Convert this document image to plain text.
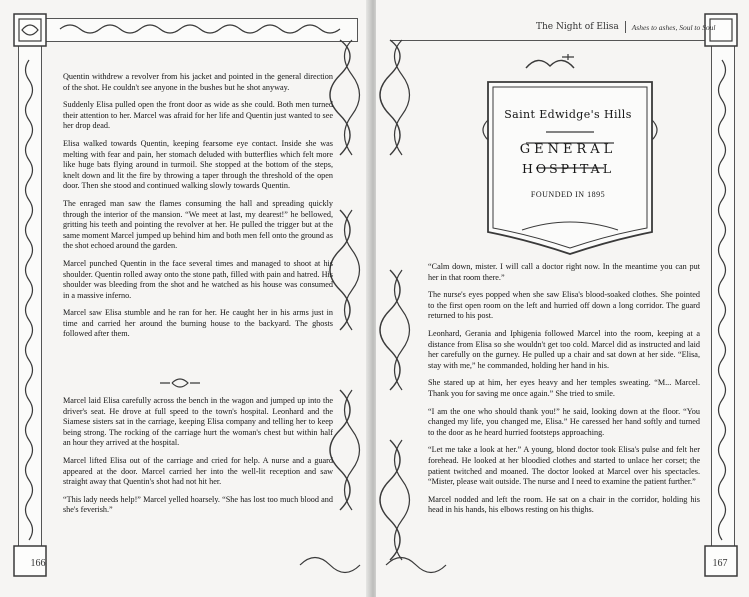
Quentin withdrew a revolver from his jacket and pointed in the general direction of the shot. He couldn't see anyone in the bushes but he shot anyway.

Suddenly Elisa pulled open the front door as wide as she could. Both men turned their attention to her. Marcel was afraid for her life and Quentin just wanted to see her drop dead.

Elisa walked towards Quentin, keeping fearsome eye contact. Inside she was melting with fear and pain, her stomach deluded with butterflies which felt more like huge bats flying around in turmoil. She stopped at the bottom of the steps, knelt down and lit the fire by throwing a taper through the threshold of the open door. Then she stood and continued walking slowly towards Quentin.

The enraged man saw the flames consuming the hall and spreading quickly through the interior of the mansion. “We meet at last, my dearest!” he bellowed, gritting his teeth and pointing the revolver at her. He pulled the trigger but at the same moment Marcel jumped up behind him and both men fell onto the ground as the shot echoed around the garden.

Marcel punched Quentin in the face several times and managed to shoot at his shoulder. Quentin rolled away onto the stone path, filled with pain and hatred. His shoulder was bleeding from the shot and he watched as his house was consumed in a massive inferno.

Marcel saw Elisa stumble and he ran for her. He caught her in his arms just in time and carried her around the burning house to the backyard. The ghosts followed after them.

Marcel laid Elisa carefully across the bench in the wagon and jumped up into the driver's seat. He drove at full speed to the town's hospital. Leonhard and the Siamese sisters sat in the carriage, keeping Elisa company and telling her to keep being strong. The rocking of the carriage hurt the woman's chest but within half an hour they arrived at the hospital.

Marcel lifted Elisa out of the carriage and cried for help. A nurse and a guard appeared at the door. Marcel carried her into the well-lit reception and saw straight away that Quentin's shot had not hit her.

“This lady needs help!” Marcel yelled hoarsely. “She has lost too much blood and she's feverish.”

166
The Night of Elisa Ashes to ashes, Soul to Soul
Saint Edwidge's Hills
GENERAL
HOSPITAL
FOUNDED IN 1895

“Calm down, mister. I will call a doctor right now. In the meantime you can put her in that room there.”

The nurse's eyes popped when she saw Elisa's blood-soaked clothes. She pointed to the first open room on the left and hurried off down a long corridor. The guard returned to his post.

Leonhard, Gerania and Iphigenia followed Marcel into the room, keeping at a distance from Elisa so she wouldn't get too cold. Marcel did as instructed and laid her carefully on the gurney. He pulled up a chair and sat down at her side. “Elisa, stay with me,” he commanded, holding her hand in his.

She stared up at him, her eyes heavy and her temples sweating. “M... Marcel. Thank you for saving me once again.” She tried to smile.

“I am the one who should thank you!” he said, looking down at the floor. “You changed my life, you changed me, Elisa.” He caressed her hand softly and turned to the door as he heard hurried footsteps approaching.

“Let me take a look at her.” A young, blond doctor took Elisa's pulse and felt her forehead. He looked at her bloodied clothes and started to unlace her corset; the patient twitched and moaned. The doctor looked at Marcel over his spectacles. “Mister, please wait outside. The nurse and I need to examine the patient further.”

Marcel nodded and left the room. He sat on a chair in the corridor, holding his head in his hands, his elbows resting on his thighs.

167
